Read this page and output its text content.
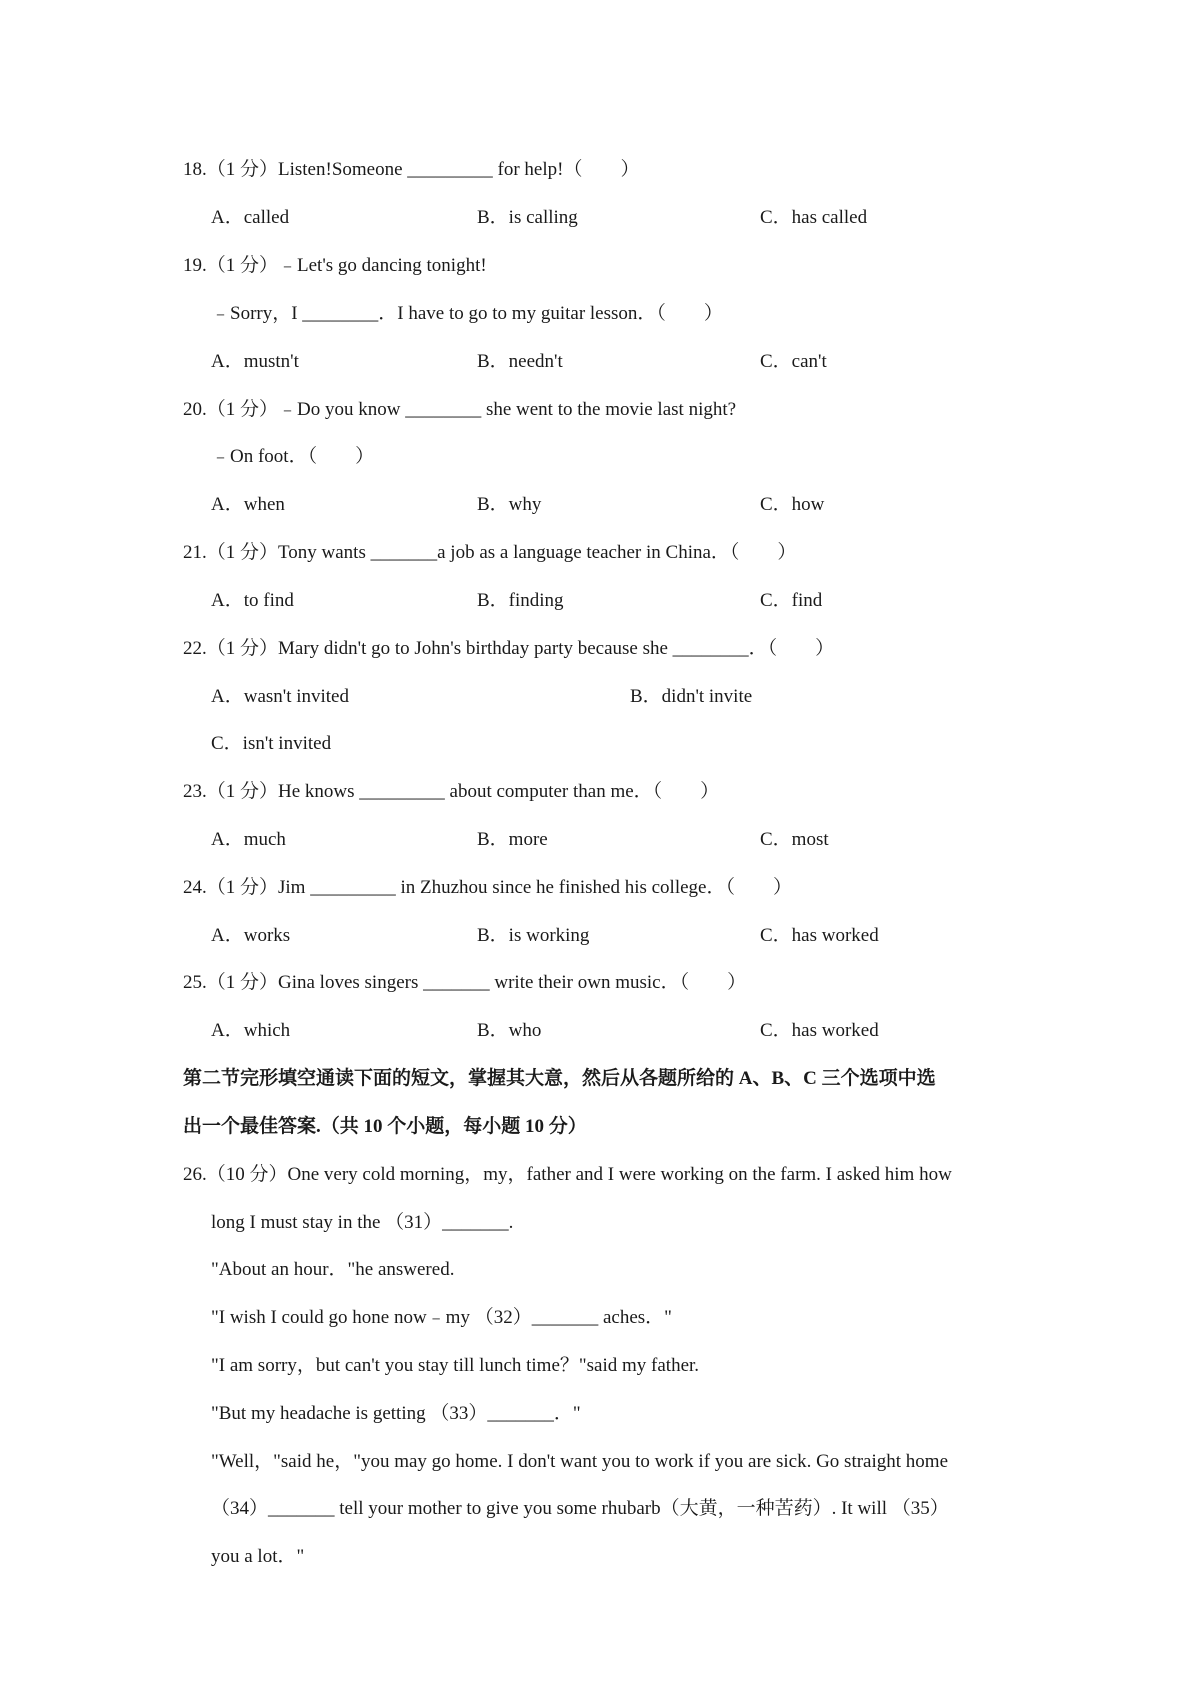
18.（1 分）Listen!Someone _________ for help!（　　）
A．called	B．is calling	C．has called
19.（1 分）﹣Let's go dancing tonight!
﹣Sorry，I ________．I have to go to my guitar lesson．（　　）
A．mustn't	B．needn't	C．can't
20.（1 分）﹣Do you know ________ she went to the movie last night?
﹣On foot．（　　）
A．when	B．why	C．how
21.（1 分）Tony wants _______a job as a language teacher in China．（　　）
A．to find	B．finding	C．find
22.（1 分）Mary didn't go to John's birthday party because she ________．（　　）
A．wasn't invited	B．didn't invite
C．isn't invited
23.（1 分）He knows _________ about computer than me．（　　）
A．much	B．more	C．most
24.（1 分）Jim _________ in Zhuzhou since he finished his college．（　　）
A．works	B．is working	C．has worked
25.（1 分）Gina loves singers _______ write their own music．（　　）
A．which	B．who	C．has worked
第二节完形填空通读下面的短文，掌握其大意，然后从各题所给的 A、B、C 三个选项中选
出一个最佳答案.（共 10 个小题，每小题 10 分）
26.（10 分）One very cold morning，my，father and I were working on the farm. I asked him how
long I must stay in the （31）_______.
"About an hour．"he answered.
"I wish I could go hone now﹣my （32）_______ aches．"
"I am sorry，but can't you stay till lunch time？"said my father.
"But my headache is getting （33）_______．"
"Well，"said he，"you may go home. I don't want you to work if you are sick. Go straight home
（34）_______ tell your mother to give you some rhubarb（大黄，一种苦药）. It will （35）
you a lot．"
